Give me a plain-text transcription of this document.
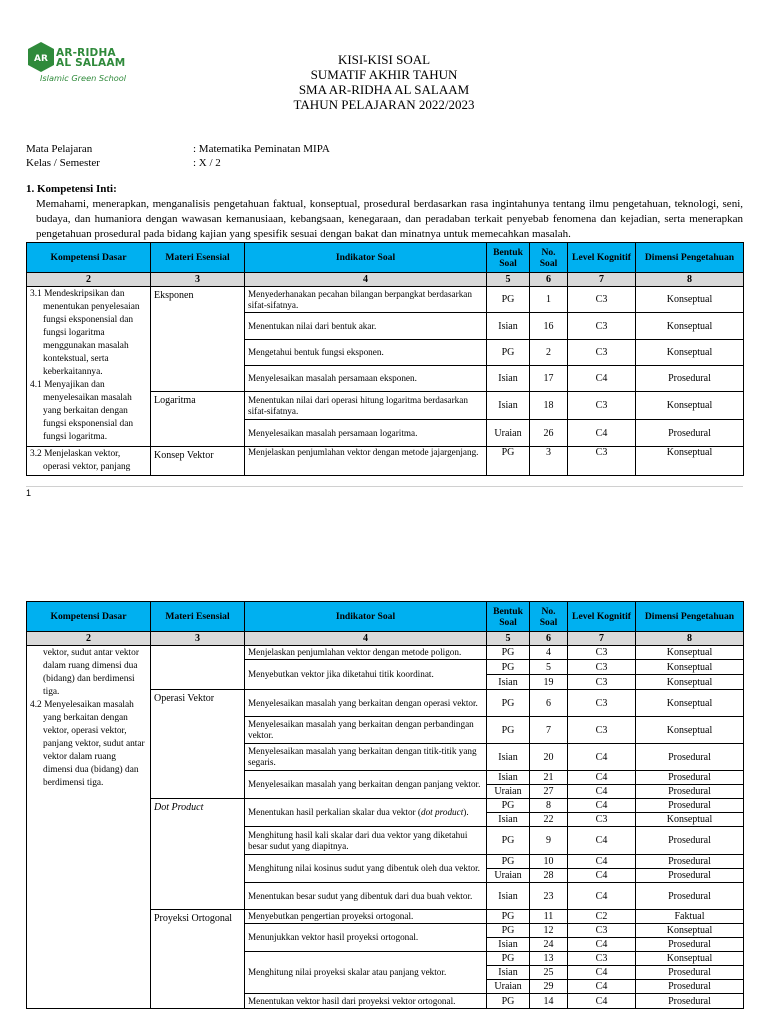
AR AR-RIDHA
AL SALAAM
Islamic Green School
KISI-KISI SOAL
SUMATIF AKHIR TAHUN
SMA AR-RIDHA AL SALAAM
TAHUN PELAJARAN 2022/2023
Mata Pelajaran	: Matematika Peminatan MIPA
Kelas / Semester	: X / 2
1. Kompetensi Inti:
Memahami, menerapkan, menganalisis pengetahuan faktual, konseptual, prosedural berdasarkan rasa ingintahunya tentang ilmu pengetahuan, teknologi, seni, budaya, dan humaniora dengan wawasan kemanusiaan, kebangsaan, kenegaraan, dan peradaban terkait penyebab fenomena dan kejadian, serta menerapkan pengetahuan prosedural pada bidang kajian yang spesifik sesuai dengan bakat dan minatnya untuk memecahkan masalah.
Kompetensi Dasar	Materi Esensial	Indikator Soal	Bentuk Soal	No. Soal	Level Kognitif	Dimensi Pengetahuan
2	3	4	5	6	7	8

3.1 Mendeskripsikan dan menentukan penyelesaian fungsi eksponensial dan fungsi logaritma menggunakan masalah kontekstual, serta keberkaitannya.
4.1 Menyajikan dan menyelesaikan masalah yang berkaitan dengan fungsi eksponensial dan fungsi logaritma.	Eksponen	Menyederhanakan pecahan bilangan berpangkat berdasarkan sifat-sifatnya.	PG	1	C3	Konseptual
		Menentukan nilai dari bentuk akar.	Isian	16	C3	Konseptual
		Mengetahui bentuk fungsi eksponen.	PG	2	C3	Konseptual
		Menyelesaikan masalah persamaan eksponen.	Isian	17	C4	Prosedural
	Logaritma	Menentukan nilai dari operasi hitung logaritma berdasarkan sifat-sifatnya.	Isian	18	C3	Konseptual
		Menyelesaikan masalah persamaan logaritma.	Uraian	26	C4	Prosedural

3.2 Menjelaskan vektor, operasi vektor, panjang	Konsep Vektor	Menjelaskan penjumlahan vektor dengan metode jajargenjang.	PG	3	C3	Konseptual
1
Kompetensi Dasar	Materi Esensial	Indikator Soal	Bentuk Soal	No. Soal	Level Kognitif	Dimensi Pengetahuan
2	3	4	5	6	7	8

vektor, sudut antar vektor dalam ruang dimensi dua (bidang) dan berdimensi tiga.
4.2 Menyelesaikan masalah yang berkaitan dengan vektor, operasi vektor, panjang vektor, sudut antar vektor dalam ruang dimensi dua (bidang) dan berdimensi tiga.		Menjelaskan penjumlahan vektor dengan metode poligon.	PG	4	C3	Konseptual
		Menyebutkan vektor jika diketahui titik koordinat.	PG	5	C3	Konseptual
			Isian	19	C3	Konseptual
	Operasi Vektor	Menyelesaikan masalah yang berkaitan dengan operasi vektor.	PG	6	C3	Konseptual
		Menyelesaikan masalah yang berkaitan dengan perbandingan vektor.	PG	7	C3	Konseptual
		Menyelesaikan masalah yang berkaitan dengan titik-titik yang segaris.	Isian	20	C4	Prosedural
		Menyelesaikan masalah yang berkaitan dengan panjang vektor.	Isian	21	C4	Prosedural
			Uraian	27	C4	Prosedural
	Dot Product	Menentukan hasil perkalian skalar dua vektor (dot product).	PG	8	C4	Prosedural
			Isian	22	C3	Konseptual
		Menghitung hasil kali skalar dari dua vektor yang diketahui besar sudut yang diapitnya.	PG	9	C4	Prosedural
		Menghitung nilai kosinus sudut yang dibentuk oleh dua vektor.	PG	10	C4	Prosedural
			Uraian	28	C4	Prosedural
		Menentukan besar sudut yang dibentuk dari dua buah vektor.	Isian	23	C4	Prosedural
	Proyeksi Ortogonal	Menyebutkan pengertian proyeksi ortogonal.	PG	11	C2	Faktual
		Menunjukkan vektor hasil proyeksi ortogonal.	PG	12	C3	Konseptual
			Isian	24	C4	Prosedural
		Menghitung nilai proyeksi skalar atau panjang vektor.	PG	13	C3	Konseptual
			Isian	25	C4	Prosedural
			Uraian	29	C4	Prosedural
		Menentukan vektor hasil dari proyeksi vektor ortogonal.	PG	14	C4	Prosedural
